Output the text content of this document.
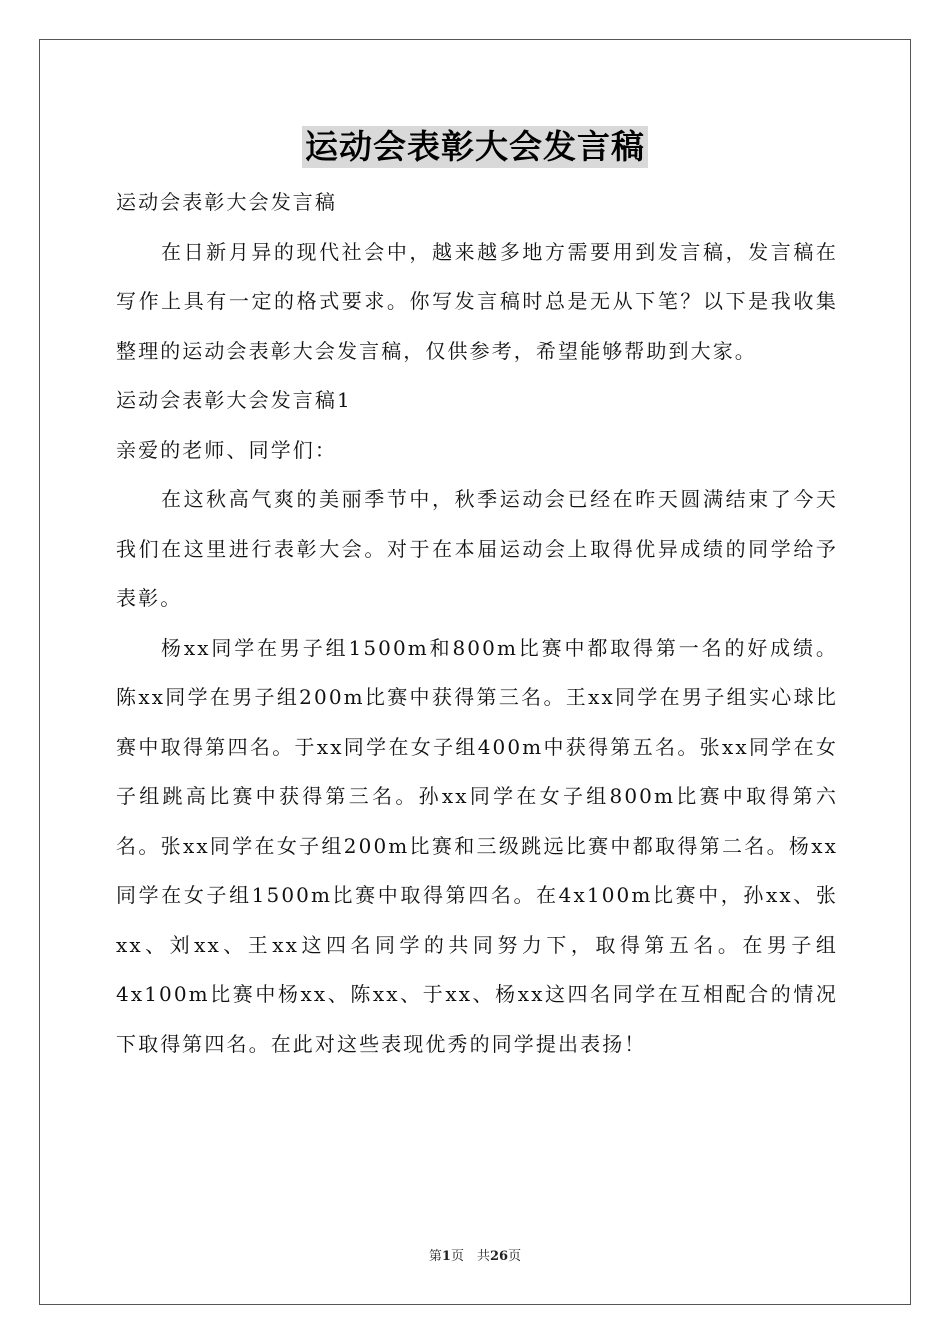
运动会表彰大会发言稿

运动会表彰大会发言稿

在日新月异的现代社会中，越来越多地方需要用到发言稿，发言稿在写作上具有一定的格式要求。你写发言稿时总是无从下笔？以下是我收集整理的运动会表彰大会发言稿，仅供参考，希望能够帮助到大家。

运动会表彰大会发言稿1

亲爱的老师、同学们：

在这秋高气爽的美丽季节中，秋季运动会已经在昨天圆满结束了今天我们在这里进行表彰大会。对于在本届运动会上取得优异成绩的同学给予表彰。

杨xx同学在男子组1500m和800m比赛中都取得第一名的好成绩。陈xx同学在男子组200m比赛中获得第三名。王xx同学在男子组实心球比赛中取得第四名。于xx同学在女子组400m中获得第五名。张xx同学在女子组跳高比赛中获得第三名。孙xx同学在女子组800m比赛中取得第六名。张xx同学在女子组200m比赛和三级跳远比赛中都取得第二名。杨xx同学在女子组1500m比赛中取得第四名。在4x100m比赛中，孙xx、张xx、刘xx、王xx这四名同学的共同努力下，取得第五名。在男子组4x100m比赛中杨xx、陈xx、于xx、杨xx这四名同学在互相配合的情况下取得第四名。在此对这些表现优秀的同学提出表扬！

第1页　共26页
